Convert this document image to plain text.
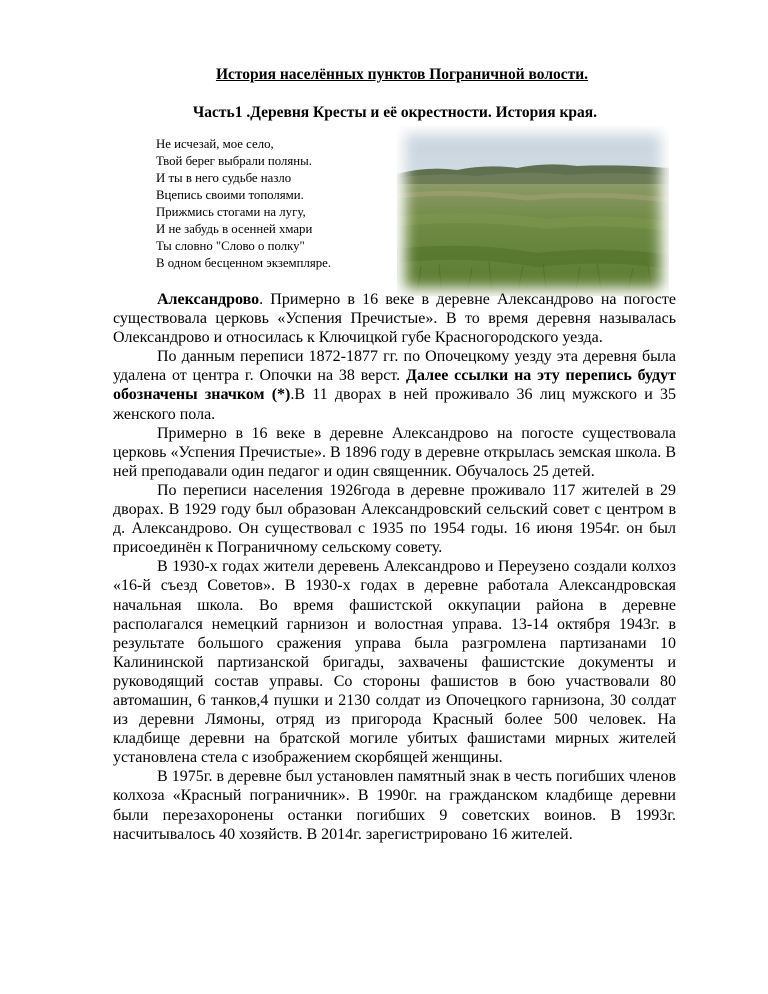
История населённых пунктов Пограничной волости.
Часть1 .Деревня Кресты и её окрестности. История края.
Не исчезай, мое село,
Твой берег выбрали поляны.
И ты в него судьбе назло
Вцепись своими тополями.
Прижмись стогами на лугу,
И не забудь в осенней хмари
Ты словно "Слово о полку"
В одном бесценном экземпляре.

Александрово. Примерно в 16 веке в деревне Александрово на погосте существовала церковь «Успения Пречистые». В то время деревня называлась Олександрово и относилась к Ключицкой губе Красногородского уезда.

По данным переписи 1872-1877 гг. по Опочецкому уезду эта деревня была удалена от центра г. Опочки на 38 верст. Далее ссылки на эту перепись будут обозначены значком (*).В 11 дворах в ней проживало 36 лиц мужского и 35 женского пола.

Примерно в 16 веке в деревне Александрово на погосте существовала церковь «Успения Пречистые». В 1896 году в деревне открылась земская школа. В ней преподавали один педагог и один священник. Обучалось 25 детей.

По переписи населения 1926года в деревне проживало 117 жителей в 29 дворах. В 1929 году был образован Александровский сельский совет с центром в д. Александрово. Он существовал с 1935 по 1954 годы. 16 июня 1954г. он был присоединён к Пограничному сельскому совету.

В 1930-х годах жители деревень Александрово и Переузено создали колхоз «16-й съезд Советов». В 1930-х годах в деревне работала Александровская начальная школа. Во время фашистской оккупации района в деревне располагался немецкий гарнизон и волостная управа. 13-14 октября 1943г. в результате большого сражения управа была разгромлена партизанами 10 Калининской партизанской бригады, захвачены фашистские документы и руководящий состав управы. Со стороны фашистов в бою участвовали 80 автомашин, 6 танков,4 пушки и 2130 солдат из Опочецкого гарнизона, 30 солдат из деревни Лямоны, отряд из пригорода Красный более 500 человек. На кладбище деревни на братской могиле убитых фашистами мирных жителей установлена стела с изображением скорбящей женщины.

В 1975г. в деревне был установлен памятный знак в честь погибших членов колхоза «Красный пограничник». В 1990г. на гражданском кладбище деревни были перезахоронены останки погибших 9 советских воинов. В 1993г. насчитывалось 40 хозяйств. В 2014г. зарегистрировано 16 жителей.
